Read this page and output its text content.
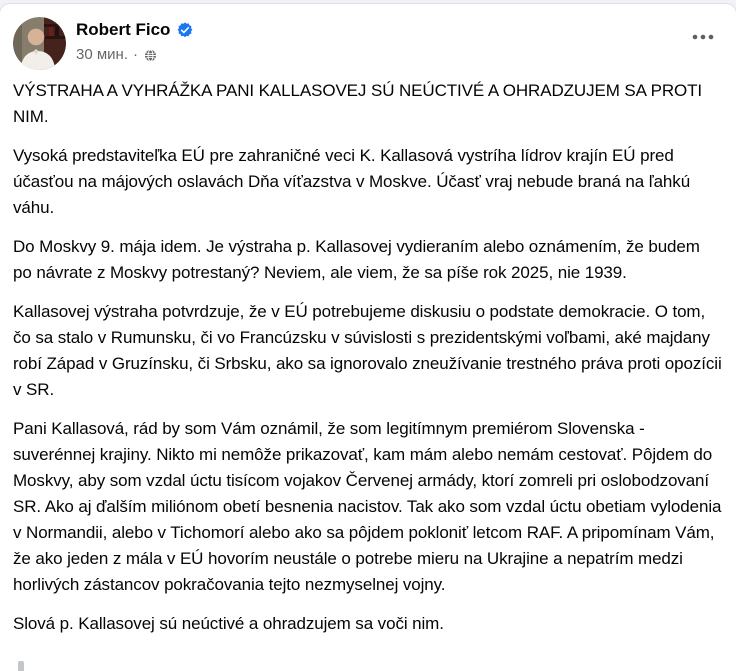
Robert Fico
30 мин. ·

VÝSTRAHA A VYHRÁŽKA PANI KALLASOVEJ SÚ NEÚCTIVÉ A OHRADZUJEM SA PROTI NIM.

Vysoká predstaviteľka EÚ pre zahraničné veci K. Kallasová vystríha lídrov krajín EÚ pred účasťou na májových oslavách Dňa víťazstva v Moskve. Účasť vraj nebude braná na ľahkú váhu.

Do Moskvy 9. mája idem. Je výstraha p. Kallasovej vydieraním alebo oznámením, že budem po návrate z Moskvy potrestaný? Neviem, ale viem, že sa píše rok 2025, nie 1939.

Kallasovej výstraha potvrdzuje, že v EÚ potrebujeme diskusiu o podstate demokracie. O tom, čo sa stalo v Rumunsku, či vo Francúzsku v súvislosti s prezidentskými voľbami, aké majdany robí Západ v Gruzínsku, či Srbsku, ako sa ignorovalo zneužívanie trestného práva proti opozícii v SR.

Pani Kallasová, rád by som Vám oznámil, že som legitímnym premiérom Slovenska - suverénnej krajiny. Nikto mi nemôže prikazovať, kam mám alebo nemám cestovať. Pôjdem do Moskvy, aby som vzdal úctu tisícom vojakov Červenej armády, ktorí zomreli pri oslobodzovaní SR. Ako aj ďalším miliónom obetí besnenia nacistov. Tak ako som vzdal úctu obetiam vylodenia v Normandii, alebo v Tichomorí alebo ako sa pôjdem pokloniť letcom RAF. A pripomínam Vám, že ako jeden z mála v EÚ hovorím neustále o potrebe mieru na Ukrajine a nepatrím medzi horlivých zástancov pokračovania tejto nezmyselnej vojny.

Slová p. Kallasovej sú neúctivé a ohradzujem sa voči nim.
